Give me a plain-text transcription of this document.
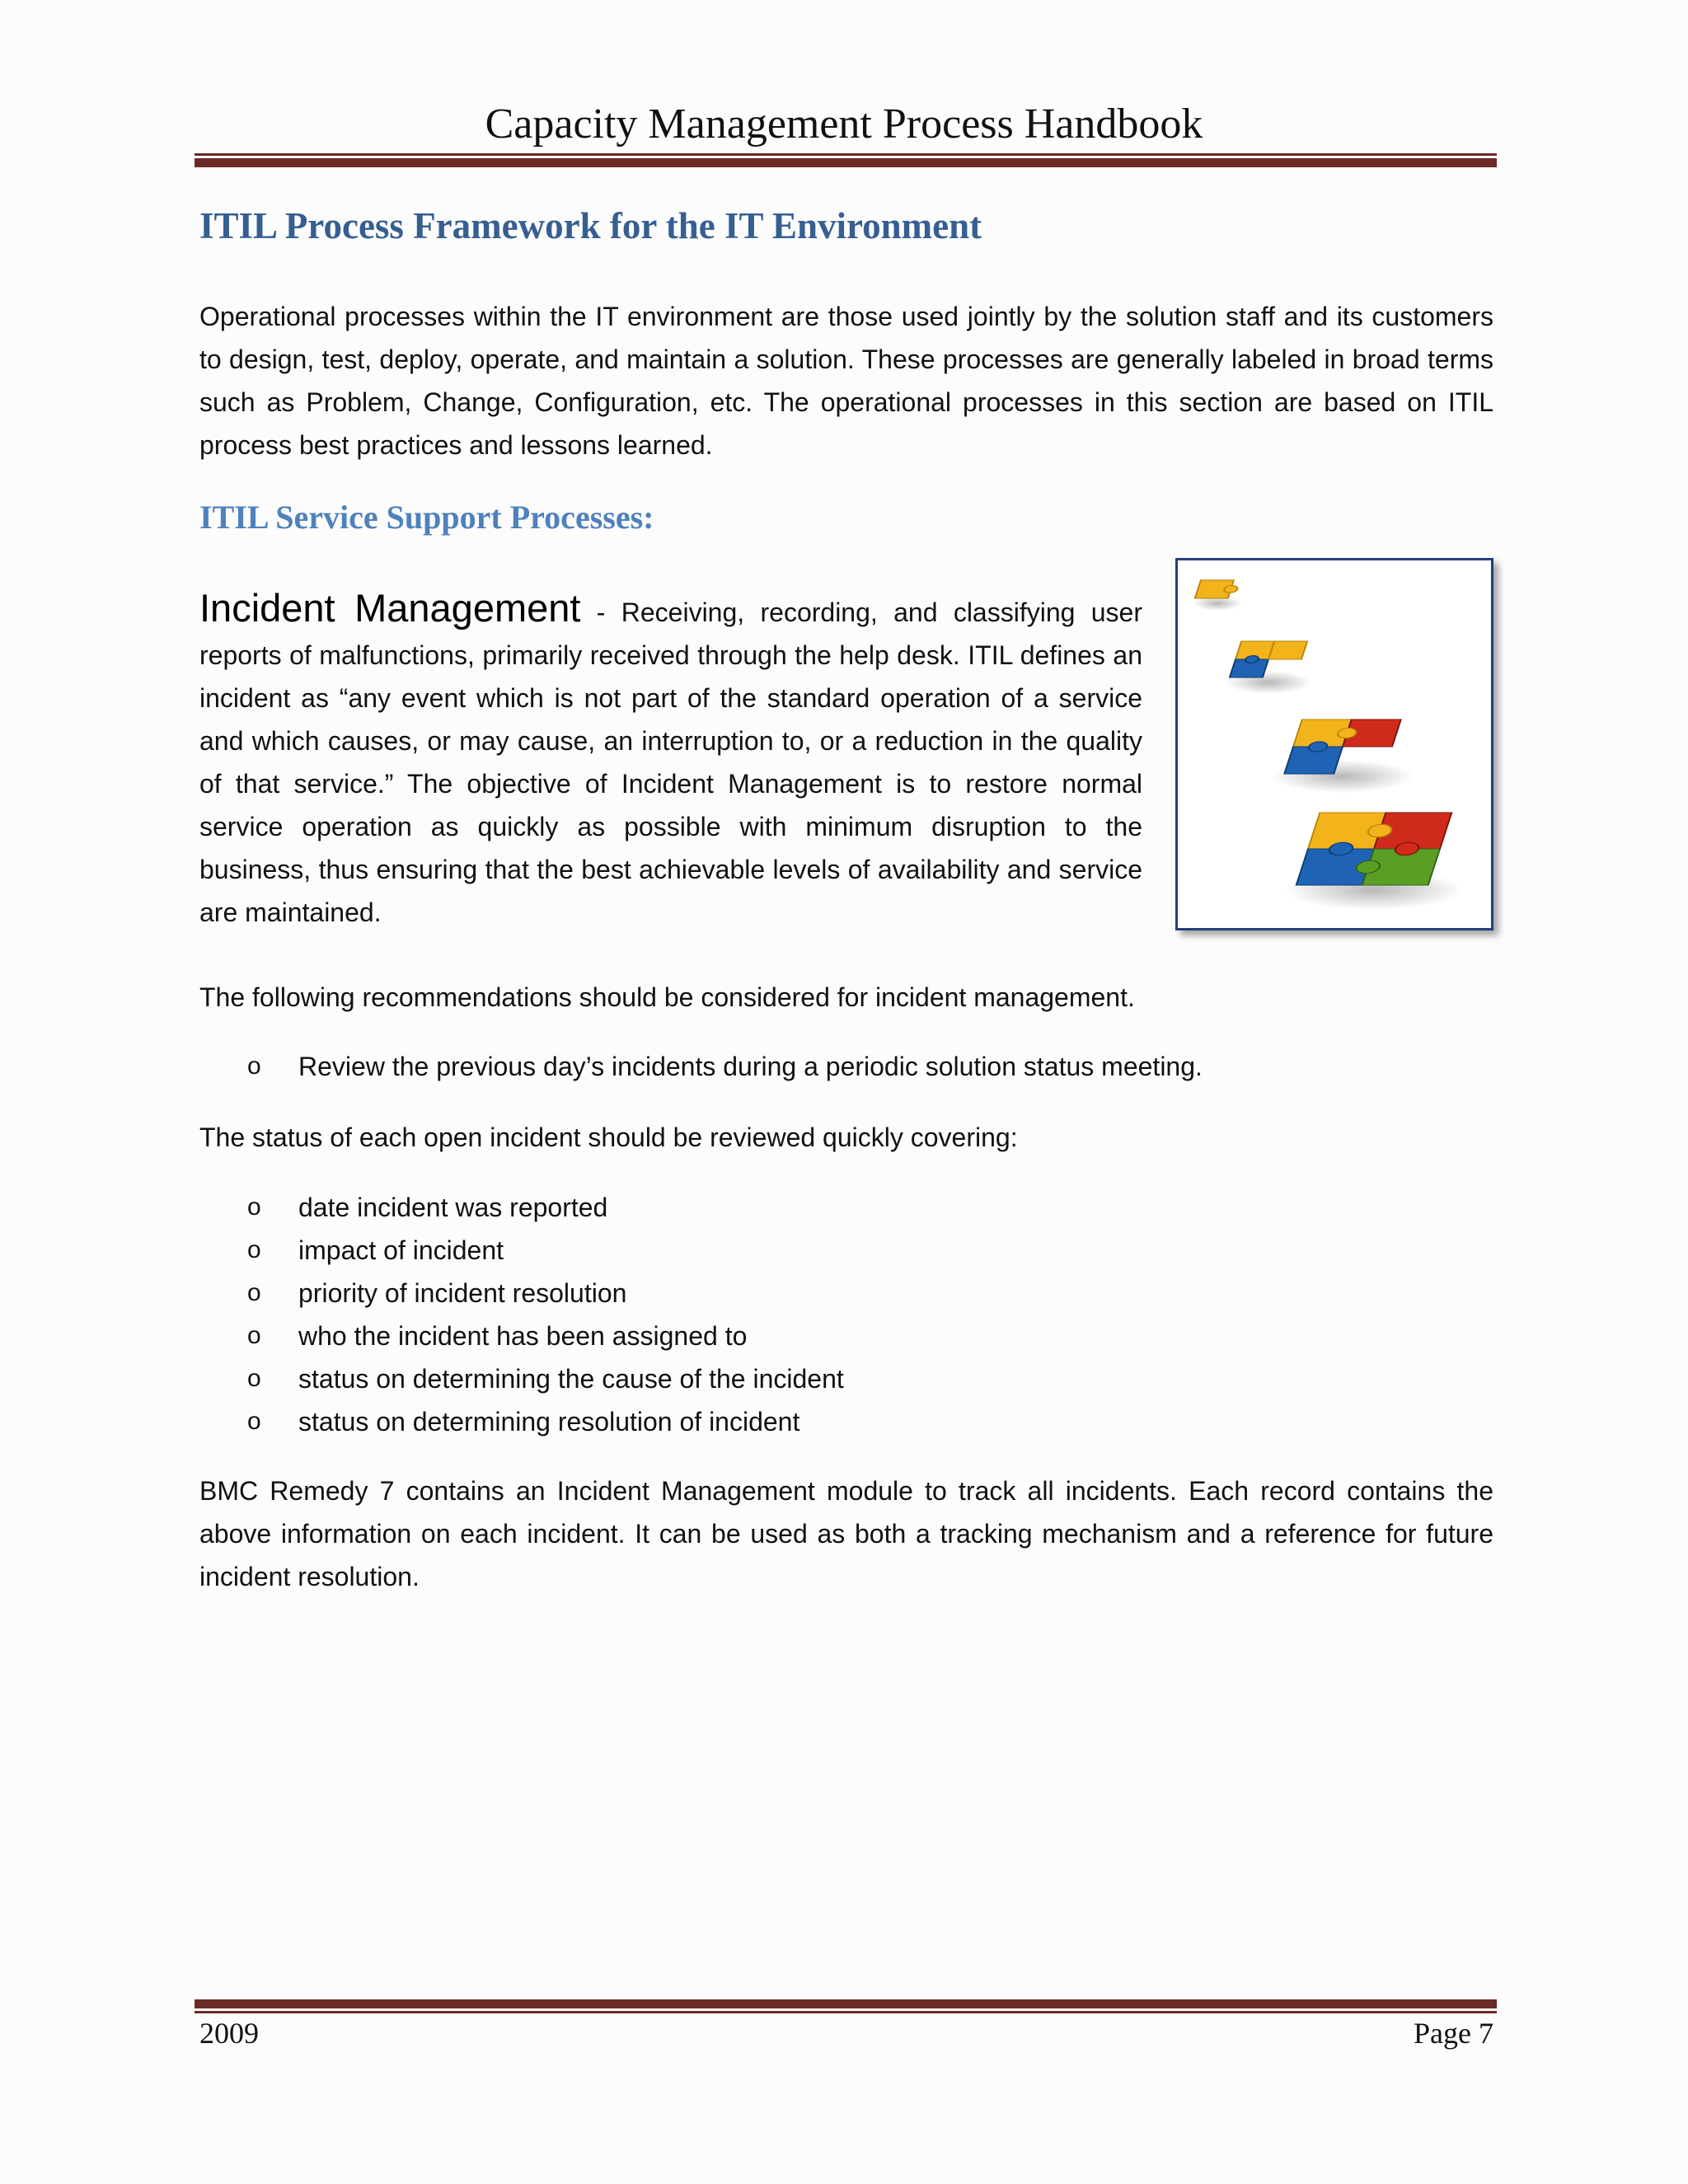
Capacity Management Process Handbook
ITIL Process Framework for the IT Environment
Operational processes within the IT environment are those used jointly by the solution staff and its customers to design, test, deploy, operate, and maintain a solution. These processes are generally labeled in broad terms such as Problem, Change, Configuration, etc. The operational processes in this section are based on ITIL process best practices and lessons learned.
ITIL Service Support Processes:
Incident Management - Receiving, recording, and classifying user reports of malfunctions, primarily received through the help desk. ITIL defines an incident as “any event which is not part of the standard operation of a service and which causes, or may cause, an interruption to, or a reduction in the quality of that service.” The objective of Incident Management is to restore normal service operation as quickly as possible with minimum disruption to the business, thus ensuring that the best achievable levels of availability and service are maintained.
The following recommendations should be considered for incident management.
o Review the previous day’s incidents during a periodic solution status meeting.
The status of each open incident should be reviewed quickly covering:
o date incident was reported
o impact of incident
o priority of incident resolution
o who the incident has been assigned to
o status on determining the cause of the incident
o status on determining resolution of incident
BMC Remedy 7 contains an Incident Management module to track all incidents. Each record contains the above information on each incident. It can be used as both a tracking mechanism and a reference for future incident resolution.
2009	Page 7
